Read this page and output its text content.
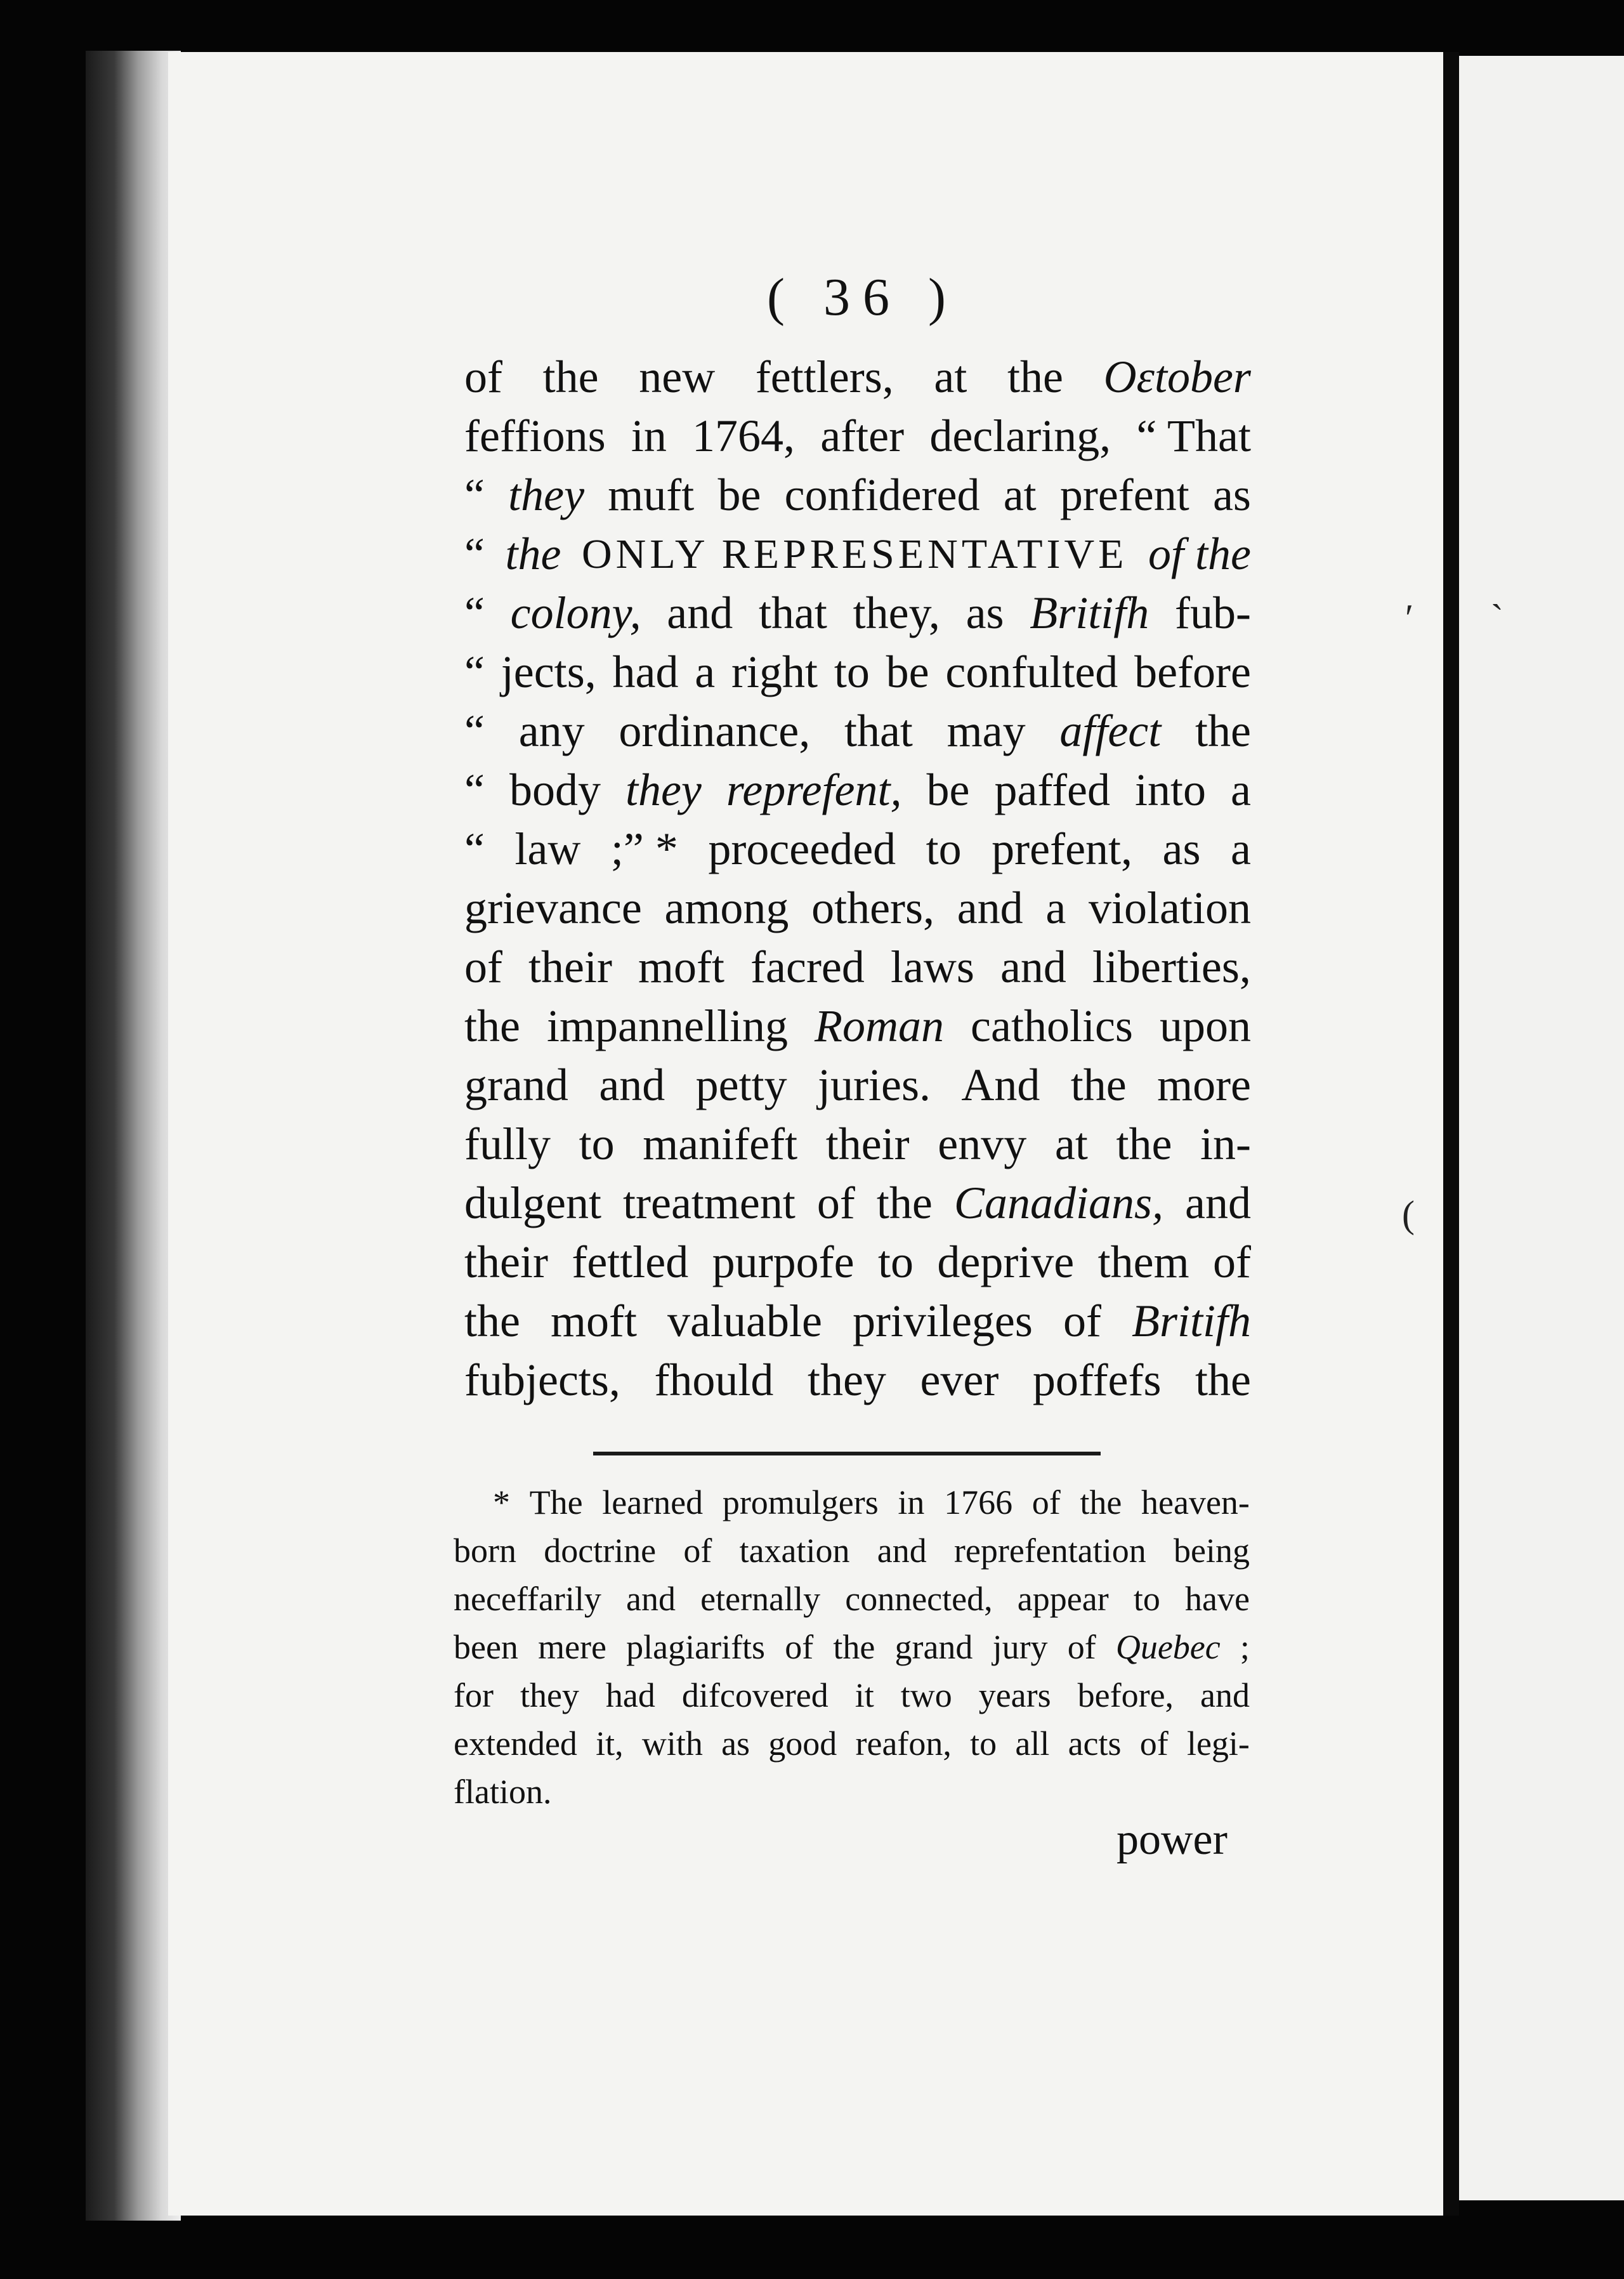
( 36 )
of the new fettlers, at the Oɛtober
feffions in 1764, after declaring, “ That
“ they muft be confidered at prefent as
“ the ONLY REPRESENTATIVE of the
“ colony, and that they, as Britifh fub-
“ jects, had a right to be confulted before
“ any ordinance, that may affect the
“ body they reprefent, be paffed into a
“ law ;” * proceeded to prefent, as a
grievance among others, and a violation
of their moft facred laws and liberties,
the impannelling Roman catholics upon
grand and petty juries. And the more
fully to manifeft their envy at the in-
dulgent treatment of the Canadians, and
their fettled purpofe to deprive them of
the moft valuable privileges of Britifh
fubjects, fhould they ever poffefs the
* The learned promulgers in 1766 of the heaven-
born doctrine of taxation and reprefentation being
neceffarily and eternally connected, appear to have
been mere plagiarifts of the grand jury of Quebec ;
for they had difcovered it two years before, and
extended it, with as good reafon, to all acts of legi-
flation.
power
′ `
(
